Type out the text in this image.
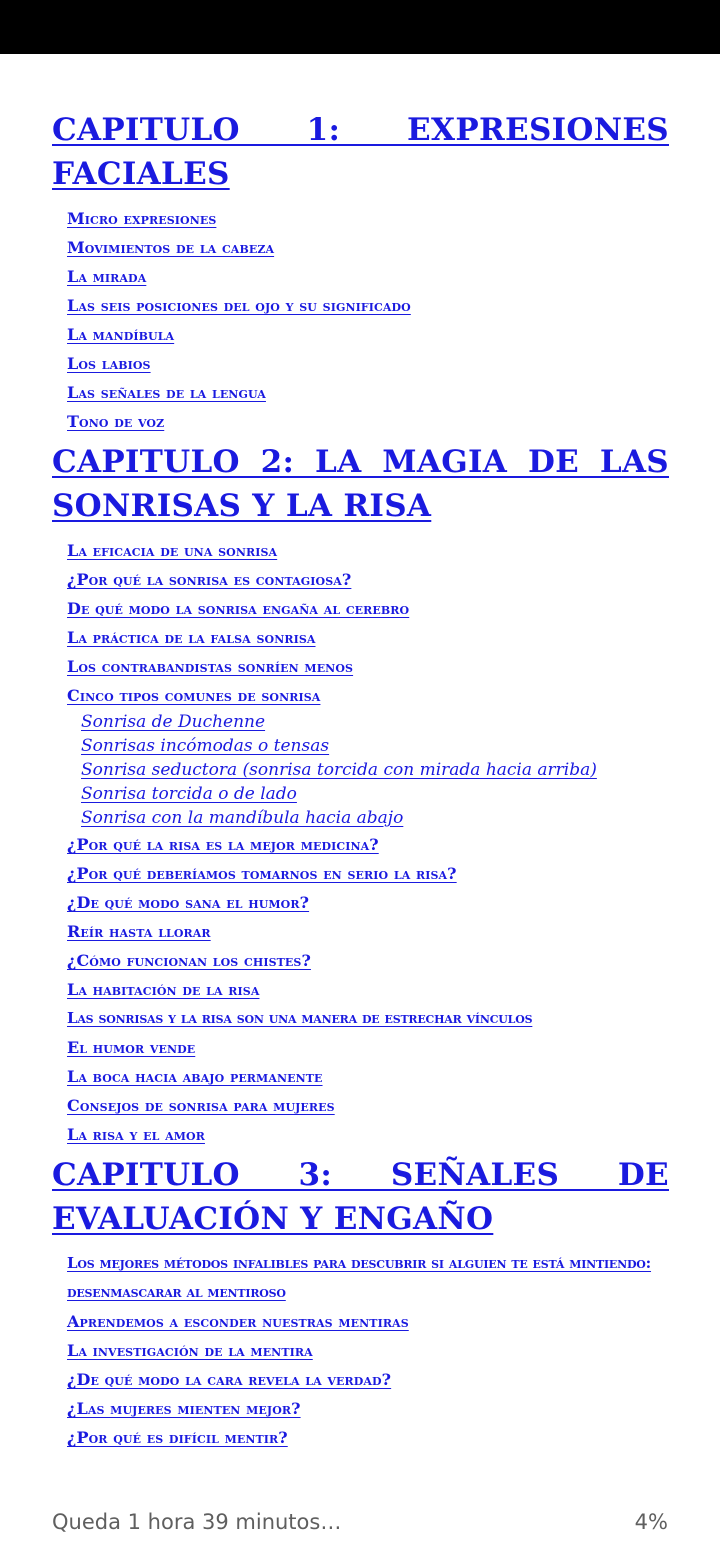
CAPITULO 1: EXPRESIONES FACIALES
Micro expresiones
Movimientos de la cabeza
La mirada
Las seis posiciones del ojo y su significado
La mandíbula
Los labios
Las señales de la lengua
Tono de voz
CAPITULO 2: LA MAGIA DE LAS SONRISAS Y LA RISA
La eficacia de una sonrisa
¿Por qué la sonrisa es contagiosa?
De qué modo la sonrisa engaña al cerebro
La práctica de la falsa sonrisa
Los contrabandistas sonríen menos
Cinco tipos comunes de sonrisa
Sonrisa de Duchenne
Sonrisas incómodas o tensas
Sonrisa seductora (sonrisa torcida con mirada hacia arriba)
Sonrisa torcida o de lado
Sonrisa con la mandíbula hacia abajo
¿Por qué la risa es la mejor medicina?
¿Por qué deberíamos tomarnos en serio la risa?
¿De qué modo sana el humor?
Reír hasta llorar
¿Cómo funcionan los chistes?
La habitación de la risa
Las sonrisas y la risa son una manera de estrechar vínculos
El humor vende
La boca hacia abajo permanente
Consejos de sonrisa para mujeres
La risa y el amor
CAPITULO 3: SEÑALES DE EVALUACIÓN Y ENGAÑO
Los mejores métodos infalibles para descubrir si alguien te está mintiendo: desenmascarar al mentiroso
Aprendemos a esconder nuestras mentiras
La investigación de la mentira
¿De qué modo la cara revela la verdad?
¿Las mujeres mienten mejor?
¿Por qué es difícil mentir?
Queda 1 hora 39 minutos…	4%
